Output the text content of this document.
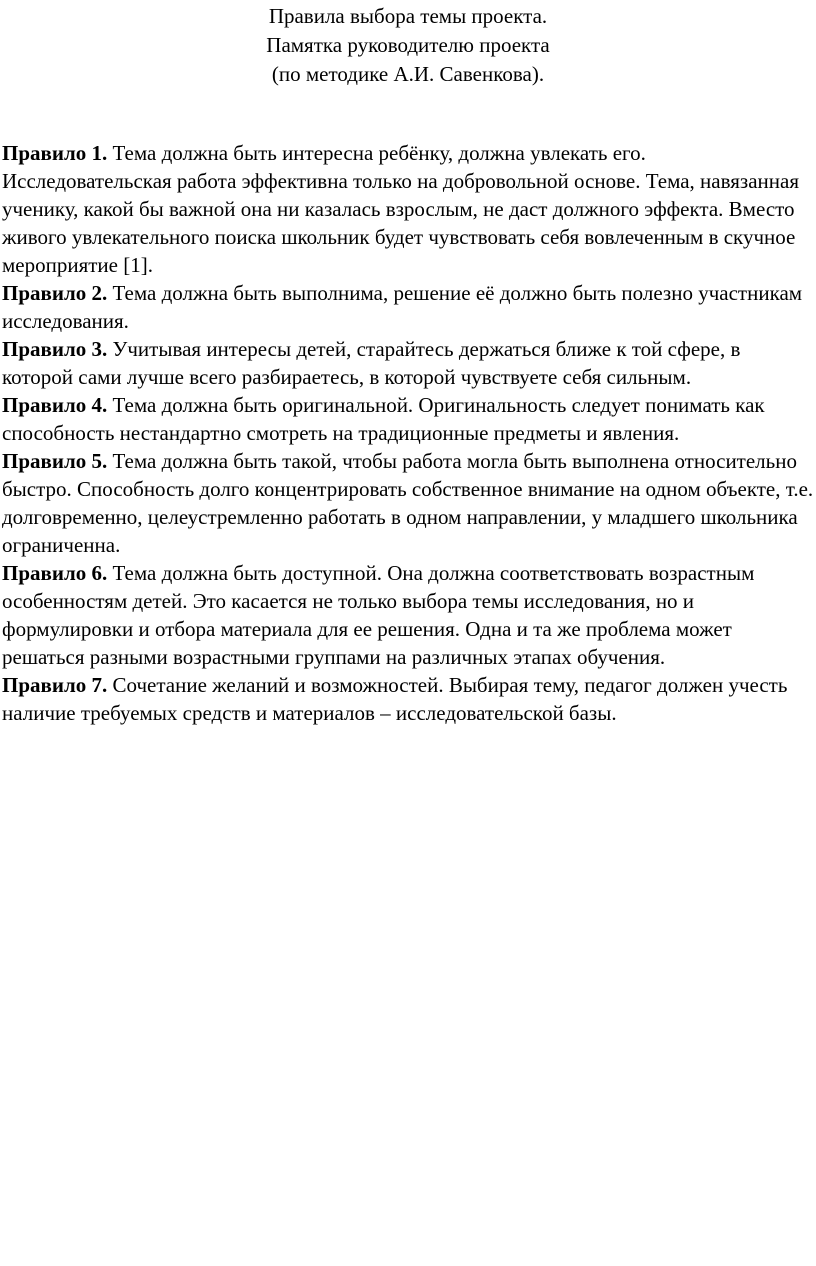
Правила выбора темы проекта.
Памятка руководителю проекта
(по методике А.И. Савенкова).

Правило 1. Тема должна быть интересна ребёнку, должна увлекать его. Исследовательская работа эффективна только на добровольной основе. Тема, навязанная ученику, какой бы важной она ни казалась взрослым, не даст должного эффекта. Вместо живого увлекательного поиска школьник будет чувствовать себя вовлеченным в скучное мероприятие [1].

Правило 2. Тема должна быть выполнима, решение её должно быть полезно участникам исследования.

Правило 3. Учитывая интересы детей, старайтесь держаться ближе к той сфере, в которой сами лучше всего разбираетесь, в которой чувствуете себя сильным.

Правило 4. Тема должна быть оригинальной. Оригинальность следует понимать как способность нестандартно смотреть на традиционные предметы и явления.

Правило 5. Тема должна быть такой, чтобы работа могла быть выполнена относительно быстро. Способность долго концентрировать собственное внимание на одном объекте, т.е. долговременно, целеустремленно работать в одном направлении, у младшего школьника ограниченна.

Правило 6. Тема должна быть доступной. Она должна соответствовать возрастным особенностям детей. Это касается не только выбора темы исследования, но и формулировки и отбора материала для ее решения. Одна и та же проблема может решаться разными возрастными группами на различных этапах обучения.

Правило 7. Сочетание желаний и возможностей. Выбирая тему, педагог должен учесть наличие требуемых средств и материалов – исследовательской базы.
